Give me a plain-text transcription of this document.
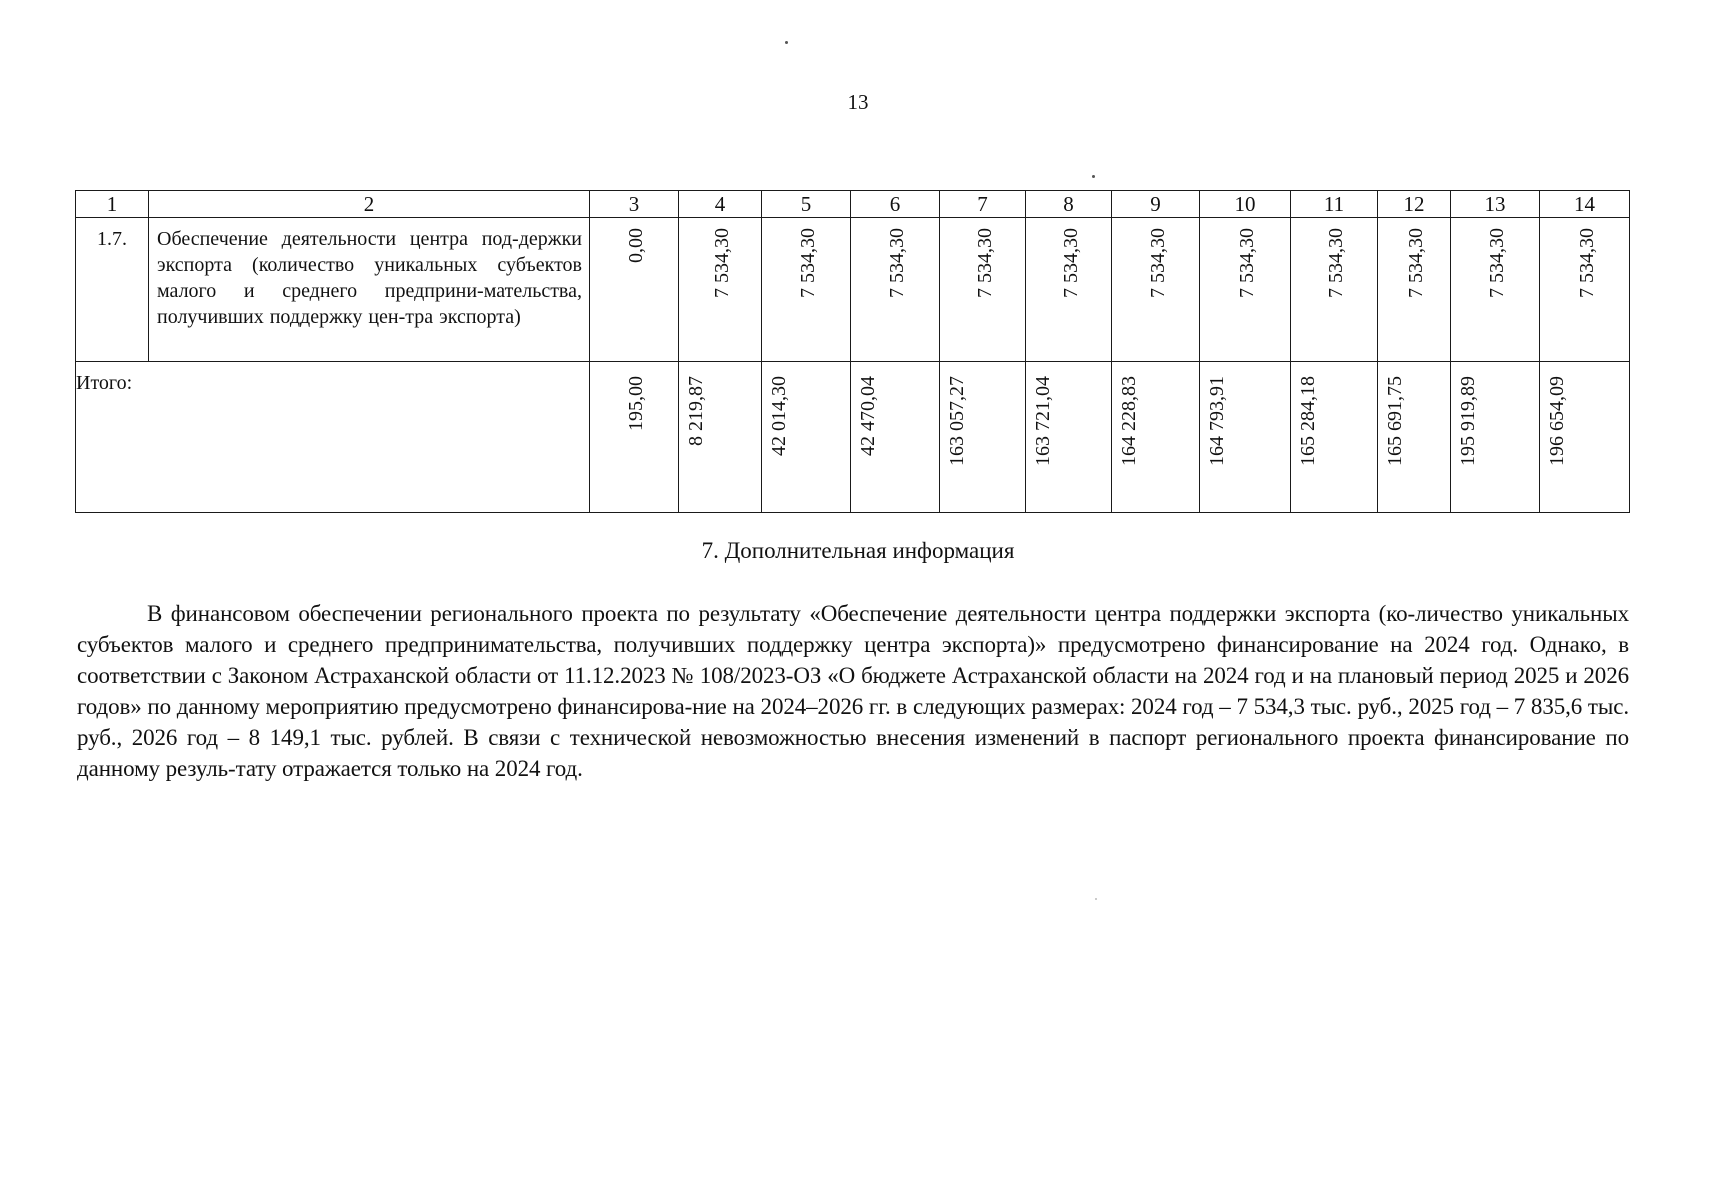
13
1	2	3	4	5	6	7	8	9	10	11	12	13	14
1.7.	Обеспечение деятельности центра под-держки экспорта (количество уникальных субъектов малого и среднего предприни-мательства, получивших поддержку цен-тра экспорта)	0,00	7 534,30	7 534,30	7 534,30	7 534,30	7 534,30	7 534,30	7 534,30	7 534,30	7 534,30	7 534,30	7 534,30

Итого:		195,00	8 219,87	42 014,30	42 470,04	163 057,27	163 721,04	164 228,83	164 793,91	165 284,18	165 691,75	195 919,89	196 654,09
7. Дополнительная информация

В финансовом обеспечении регионального проекта по результату «Обеспечение деятельности центра поддержки экспорта (ко-личество уникальных субъектов малого и среднего предпринимательства, получивших поддержку центра экспорта)» предусмотрено финансирование на 2024 год. Однако, в соответствии с Законом Астраханской области от 11.12.2023 № 108/2023-ОЗ «О бюджете Астраханской области на 2024 год и на плановый период 2025 и 2026 годов» по данному мероприятию предусмотрено финансирова-ние на 2024–2026 гг. в следующих размерах: 2024 год – 7 534,3 тыс. руб., 2025 год – 7 835,6 тыс. руб., 2026 год – 8 149,1 тыс. рублей. В связи с технической невозможностью внесения изменений в паспорт регионального проекта финансирование по данному резуль-тату отражается только на 2024 год.
